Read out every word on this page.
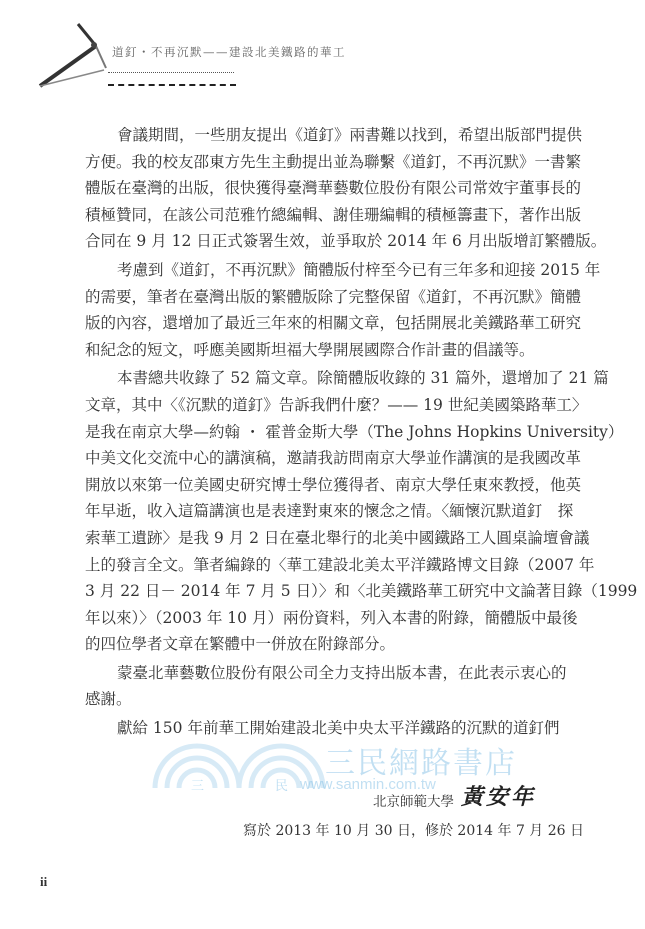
道釘・不再沉默——建設北美鐵路的華工
會議期間，一些朋友提出《道釘》兩書難以找到，希望出版部門提供
方便。我的校友邵東方先生主動提出並為聯繫《道釘，不再沉默》一書繁
體版在臺灣的出版，很快獲得臺灣華藝數位股份有限公司常效宇董事長的
積極贊同，在該公司范雅竹總編輯、謝佳珊編輯的積極籌畫下，著作出版
合同在 9 月 12 日正式簽署生效，並爭取於 2014 年 6 月出版增訂繁體版。
考慮到《道釘，不再沉默》簡體版付梓至今已有三年多和迎接 2015 年
的需要，筆者在臺灣出版的繁體版除了完整保留《道釘，不再沉默》簡體
版的內容，還增加了最近三年來的相關文章，包括開展北美鐵路華工研究
和紀念的短文，呼應美國斯坦福大學開展國際合作計畫的倡議等。
本書總共收錄了 52 篇文章。除簡體版收錄的 31 篇外，還增加了 21 篇
文章，其中〈《沉默的道釘》告訴我們什麼？—— 19 世紀美國築路華工〉
是我在南京大學—約翰 ・ 霍普金斯大學（The Johns Hopkins University）
中美文化交流中心的講演稿，邀請我訪問南京大學並作講演的是我國改革
開放以來第一位美國史研究博士學位獲得者、南京大學任東來教授，他英
年早逝，收入這篇講演也是表達對東來的懷念之情。〈緬懷沉默道釘　探
索華工遺跡〉是我 9 月 2 日在臺北舉行的北美中國鐵路工人圓桌論壇會議
上的發言全文。筆者編錄的〈華工建設北美太平洋鐵路博文目錄（2007 年
3 月 22 日－ 2014 年 7 月 5 日）〉和〈北美鐵路華工研究中文論著目錄（1999
年以來）〉（2003 年 10 月）兩份資料，列入本書的附錄，簡體版中最後
的四位學者文章在繁體中一併放在附錄部分。
蒙臺北華藝數位股份有限公司全力支持出版本書，在此表示衷心的
感謝。
獻給 150 年前華工開始建設北美中央太平洋鐵路的沉默的道釘們
三	民
三民網路書店
www.sanmin.com.tw
北京師範大學 黃安年
寫於 2013 年 10 月 30 日，修於 2014 年 7 月 26 日
ii
